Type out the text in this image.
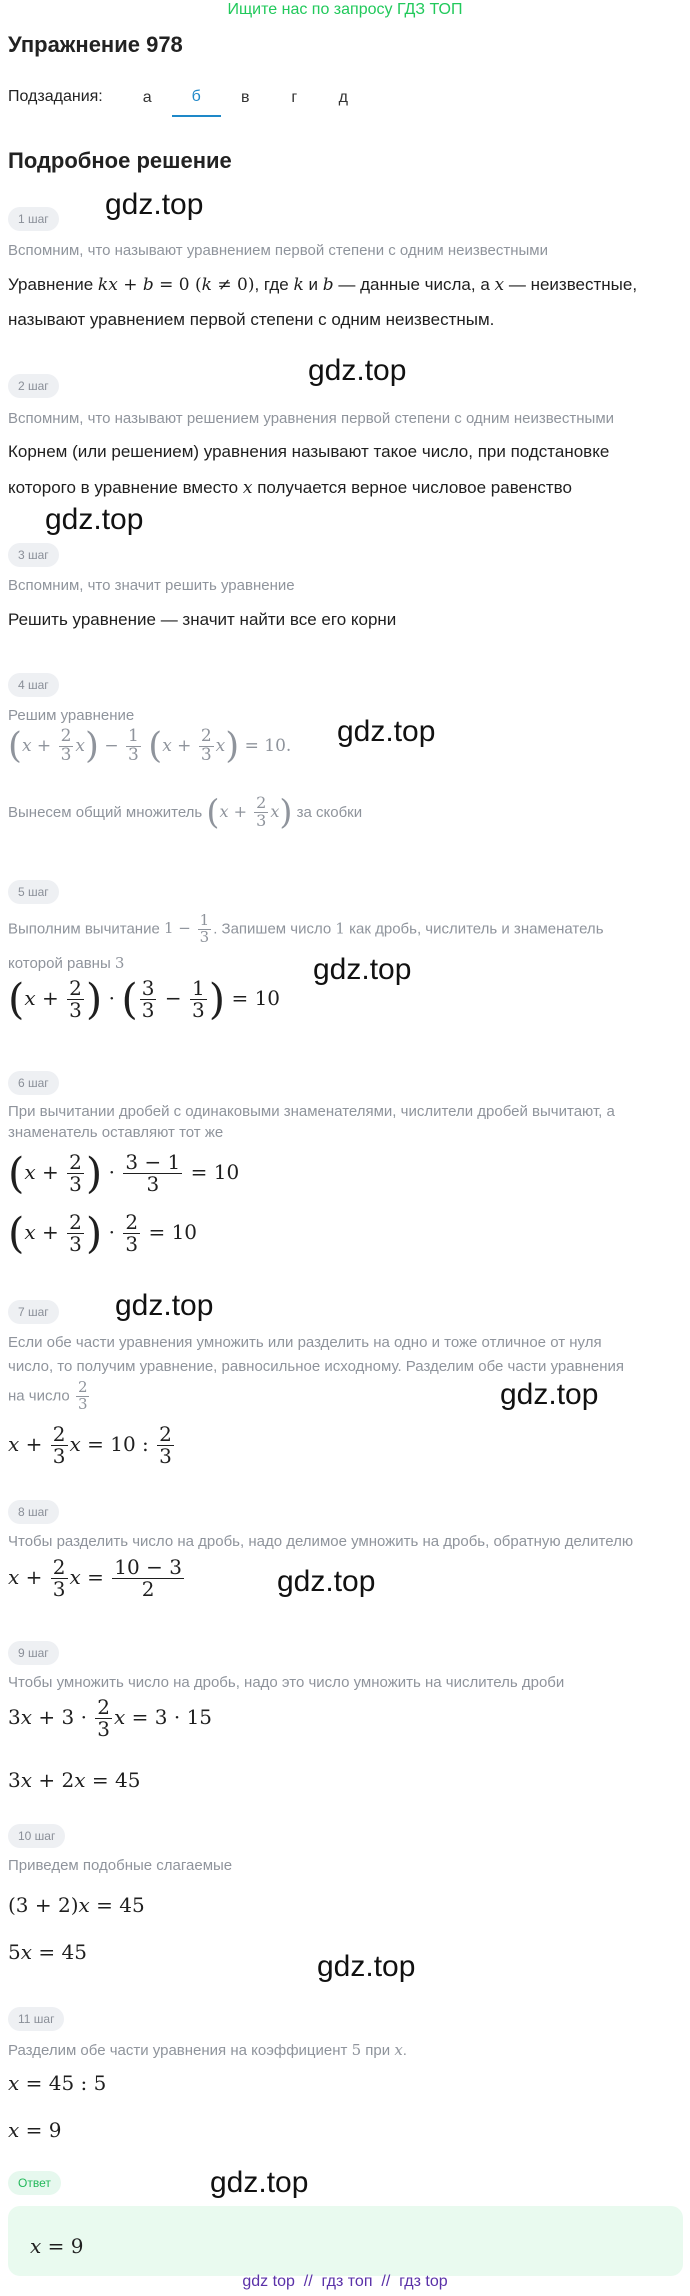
Ищите нас по запросу ГДЗ ТОП
Упражнение 978
Подзадания:	а	б	в	г	д
Подробное решение
1 шаг	gdz.top
Вспомним, что называют уравнением первой степени с одним неизвестными
Уравнение kx + b = 0 (k ≠ 0), где k и b — данные числа, а x — неизвестные,
называют уравнением первой степени с одним неизвестным.
2 шаг	gdz.top
Вспомним, что называют решением уравнения первой степени с одним неизвестными
Корнем (или решением) уравнения называют такое число, при подстановке
которого в уравнение вместо x получается верное числовое равенство
gdz.top
3 шаг
Вспомним, что значит решить уравнение
Решить уравнение — значит найти все его корни
4 шаг
Решим уравнение	gdz.top
$(x + \frac{2}{3} x) - \frac{1}{3} (x + \frac{2}{3} x) = 10$.
Вынесем общий множитель $(x + \frac{2}{3} x)$ за скобки
5 шаг
Выполним вычитание $1 - \frac{1}{3}$ . Запишем число 1 как дробь, числитель и знаменатель
которой равны 3	gdz.top
($x + \frac{2}{3}$ ) · ( $\frac{3}{3} - \frac{1}{3}$ ) = 10
6 шаг
При вычитании дробей с одинаковыми знаменателями, числители дробей вычитают, а
знаменатель оставляют тот же
($x + \frac{2}{3}$ ) · $\frac{3 - 1}{3} = 10$
($x + \frac{2}{3}$ ) · $\frac{2}{3} = 10$
7 шаг	gdz.top
Если обе части уравнения умножить или разделить на одно и тоже отличное от нуля
число, то получим уравнение, равносильное исходному. Разделим обе части уравнения
на число $\frac{2}{3}$	gdz.top
$x + \frac{2}{3}$ x = 10 : $\frac{2}{3}$
8 шаг
Чтобы разделить число на дробь, надо делимое умножить на дробь, обратную делителю
gdz.top
$x + \frac{2}{3}$ $x = \frac{10 - 3}{2}$
9 шаг
Чтобы умножить число на дробь, надо это число умножить на числитель дроби
$3x + 3 \cdot \frac{2}{3}$ x = 3 · 15
3x + 2x = 45
10 шаг
Приведем подобные слагаемые
(3 + 2)x = 45
5x = 45	gdz.top
11 шаг
Разделим обе части уравнения на коэффициент 5 при x.
x = 45 : 5
x = 9
Ответ	gdz.top
x = 9
gdz top  //  гдз топ  //  гдз top
